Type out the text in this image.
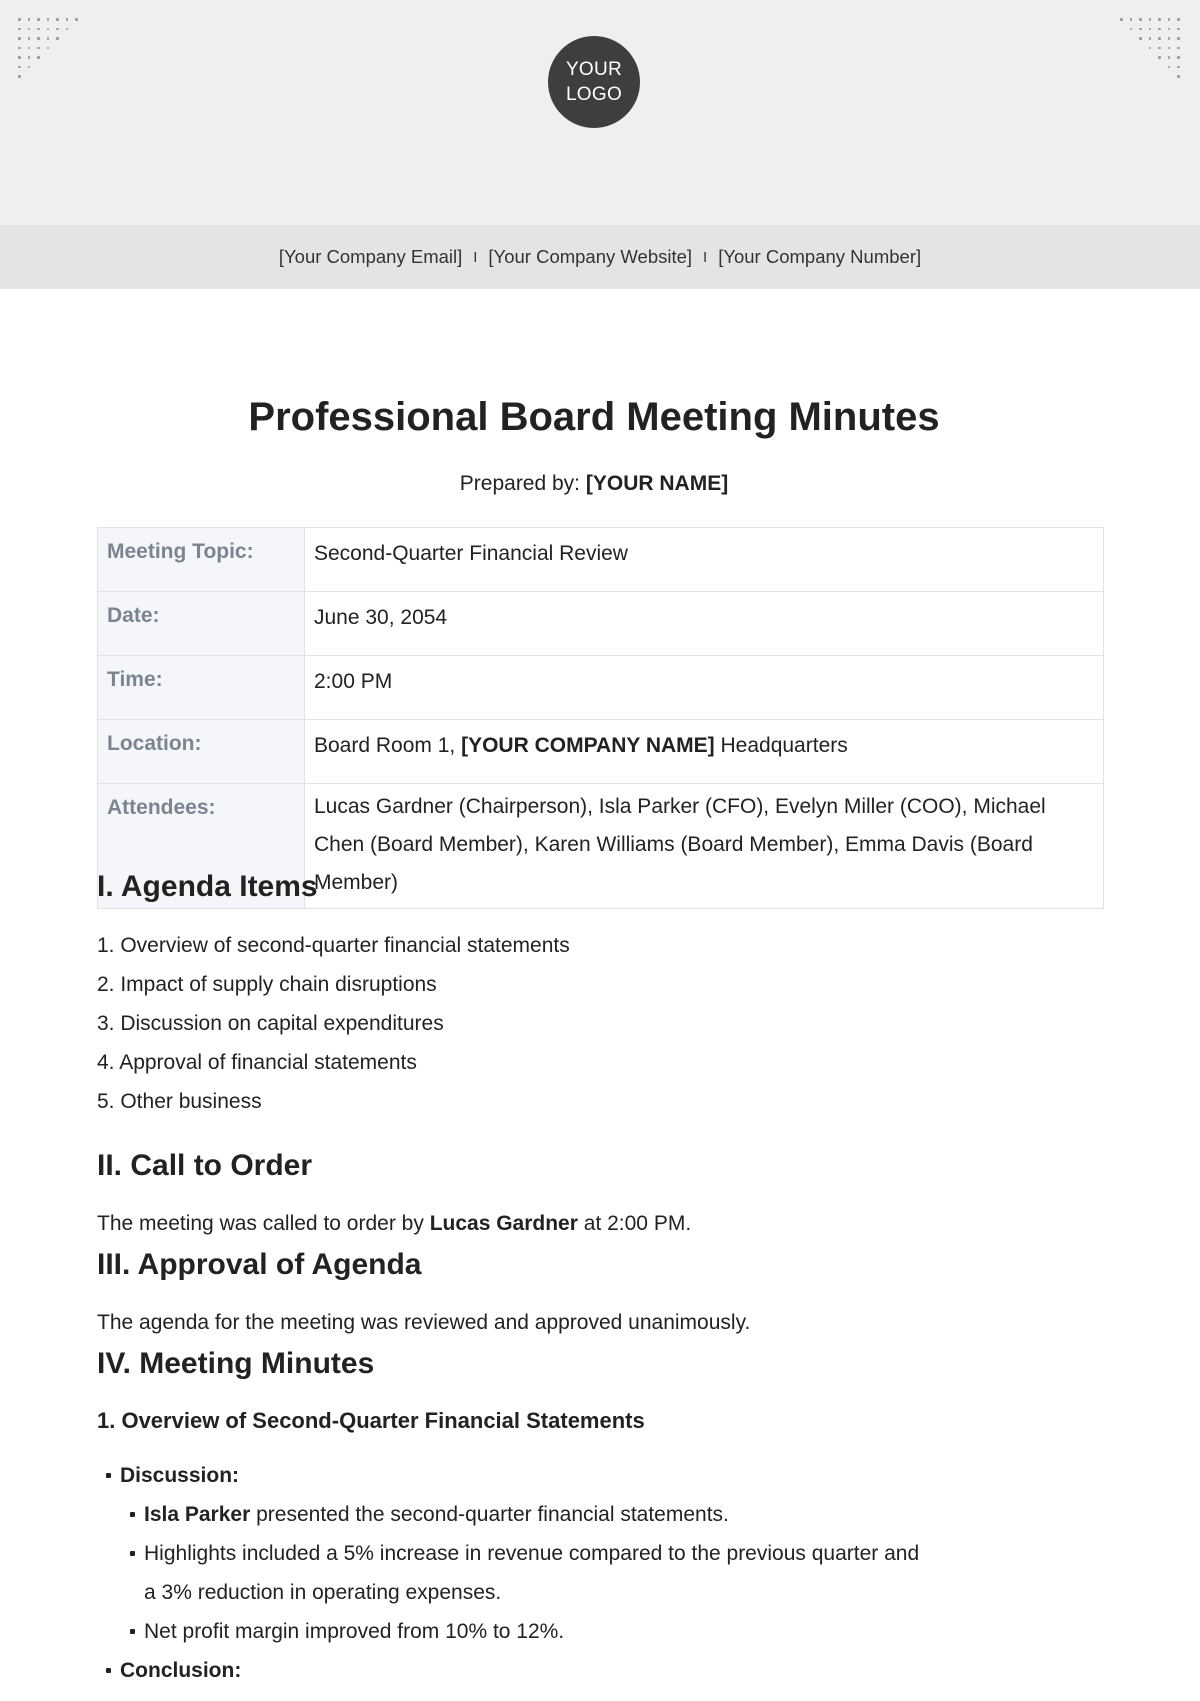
YOUR
LOGO
[Your Company Email] I [Your Company Website] I [Your Company Number]
Professional Board Meeting Minutes
Prepared by: [YOUR NAME]
Meeting Topic:	Second-Quarter Financial Review
Date:	June 30, 2054
Time:	2:00 PM
Location:	Board Room 1, [YOUR COMPANY NAME] Headquarters
Attendees:	Lucas Gardner (Chairperson), Isla Parker (CFO), Evelyn Miller (COO), Michael Chen (Board Member), Karen Williams (Board Member), Emma Davis (Board Member)
I. Agenda Items
1. Overview of second-quarter financial statements
2. Impact of supply chain disruptions
3. Discussion on capital expenditures
4. Approval of financial statements
5. Other business
II. Call to Order
The meeting was called to order by Lucas Gardner at 2:00 PM.
III. Approval of Agenda
The agenda for the meeting was reviewed and approved unanimously.
IV. Meeting Minutes
1. Overview of Second-Quarter Financial Statements
Discussion:
Isla Parker presented the second-quarter financial statements.
Highlights included a 5% increase in revenue compared to the previous quarter and
a 3% reduction in operating expenses.
Net profit margin improved from 10% to 12%.
Conclusion:
